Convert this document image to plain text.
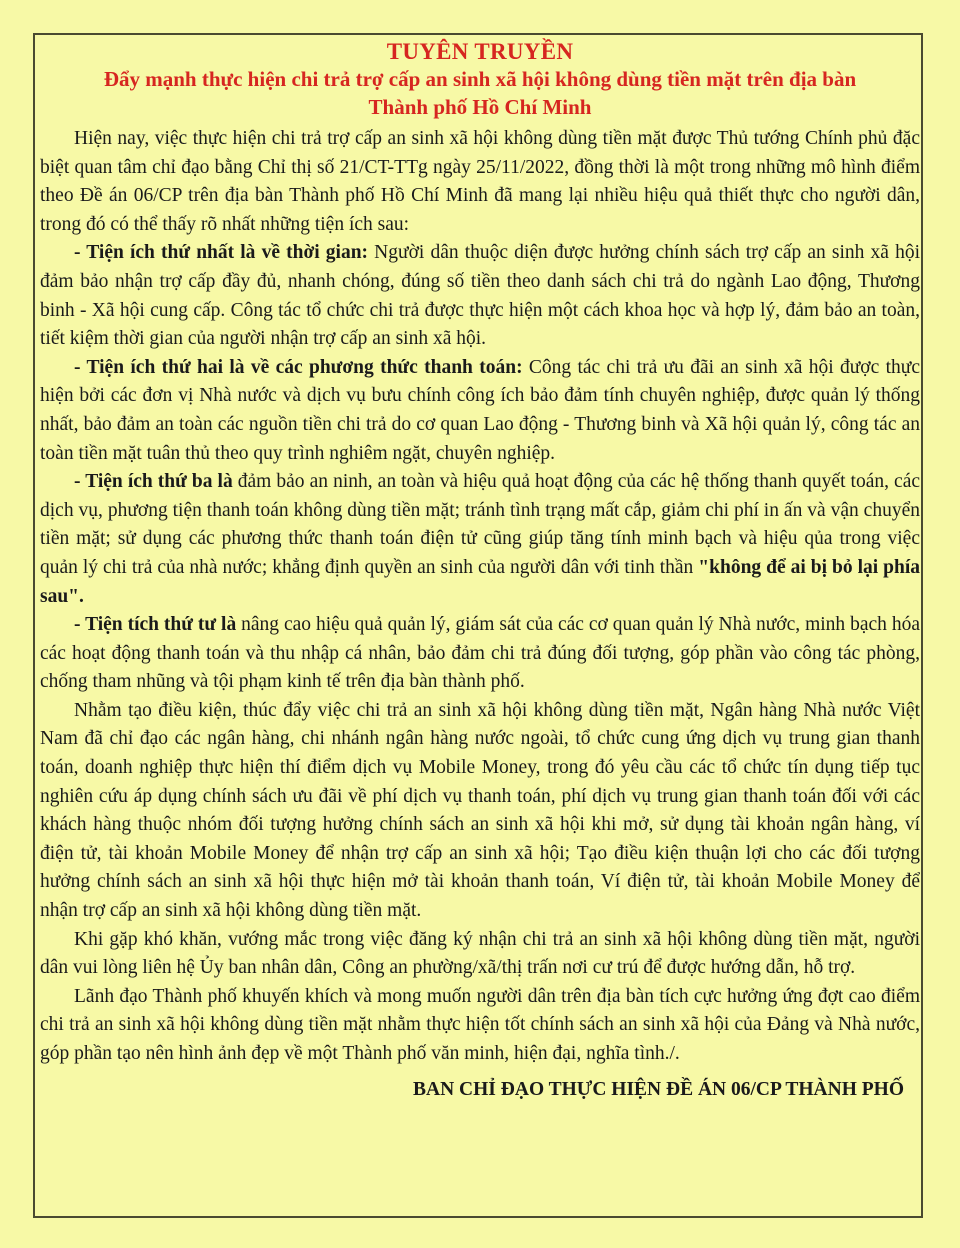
TUYÊN TRUYỀN

Đẩy mạnh thực hiện chi trả trợ cấp an sinh xã hội không dùng tiền mặt trên địa bàn
Thành phố Hồ Chí Minh

Hiện nay, việc thực hiện chi trả trợ cấp an sinh xã hội không dùng tiền mặt được Thủ tướng Chính phủ đặc biệt quan tâm chỉ đạo bằng Chỉ thị số 21/CT-TTg ngày 25/11/2022, đồng thời là một trong những mô hình điểm theo Đề án 06/CP trên địa bàn Thành phố Hồ Chí Minh đã mang lại nhiều hiệu quả thiết thực cho người dân, trong đó có thể thấy rõ nhất những tiện ích sau:

- Tiện ích thứ nhất là về thời gian: Người dân thuộc diện được hưởng chính sách trợ cấp an sinh xã hội đảm bảo nhận trợ cấp đầy đủ, nhanh chóng, đúng số tiền theo danh sách chi trả do ngành Lao động, Thương binh - Xã hội cung cấp. Công tác tổ chức chi trả được thực hiện một cách khoa học và hợp lý, đảm bảo an toàn, tiết kiệm thời gian của người nhận trợ cấp an sinh xã hội.

- Tiện ích thứ hai là về các phương thức thanh toán: Công tác chi trả ưu đãi an sinh xã hội được thực hiện bởi các đơn vị Nhà nước và dịch vụ bưu chính công ích bảo đảm tính chuyên nghiệp, được quản lý thống nhất, bảo đảm an toàn các nguồn tiền chi trả do cơ quan Lao động - Thương binh và Xã hội quản lý, công tác an toàn tiền mặt tuân thủ theo quy trình nghiêm ngặt, chuyên nghiệp.

- Tiện ích thứ ba là đảm bảo an ninh, an toàn và hiệu quả hoạt động của các hệ thống thanh quyết toán, các dịch vụ, phương tiện thanh toán không dùng tiền mặt; tránh tình trạng mất cắp, giảm chi phí in ấn và vận chuyển tiền mặt; sử dụng các phương thức thanh toán điện tử cũng giúp tăng tính minh bạch và hiệu qủa trong việc quản lý chi trả của nhà nước; khẳng định quyền an sinh của người dân với tinh thần "không để ai bị bỏ lại phía sau".

- Tiện tích thứ tư là nâng cao hiệu quả quản lý, giám sát của các cơ quan quản lý Nhà nước, minh bạch hóa các hoạt động thanh toán và thu nhập cá nhân, bảo đảm chi trả đúng đối tượng, góp phần vào công tác phòng, chống tham nhũng và tội phạm kinh tế trên địa bàn thành phố.

Nhằm tạo điều kiện, thúc đẩy việc chi trả an sinh xã hội không dùng tiền mặt, Ngân hàng Nhà nước Việt Nam đã chỉ đạo các ngân hàng, chi nhánh ngân hàng nước ngoài, tổ chức cung ứng dịch vụ trung gian thanh toán, doanh nghiệp thực hiện thí điểm dịch vụ Mobile Money, trong đó yêu cầu các tổ chức tín dụng tiếp tục nghiên cứu áp dụng chính sách ưu đãi về phí dịch vụ thanh toán, phí dịch vụ trung gian thanh toán đối với các khách hàng thuộc nhóm đối tượng hưởng chính sách an sinh xã hội khi mở, sử dụng tài khoản ngân hàng, ví điện tử, tài khoản Mobile Money để nhận trợ cấp an sinh xã hội; Tạo điều kiện thuận lợi cho các đối tượng hưởng chính sách an sinh xã hội thực hiện mở tài khoản thanh toán, Ví điện tử, tài khoản Mobile Money để nhận trợ cấp an sinh xã hội không dùng tiền mặt.

Khi gặp khó khăn, vướng mắc trong việc đăng ký nhận chi trả an sinh xã hội không dùng tiền mặt, người dân vui lòng liên hệ Ủy ban nhân dân, Công an phường/xã/thị trấn nơi cư trú để được hướng dẫn, hỗ trợ.

Lãnh đạo Thành phố khuyến khích và mong muốn người dân trên địa bàn tích cực hưởng ứng đợt cao điểm chi trả an sinh xã hội không dùng tiền mặt nhằm thực hiện tốt chính sách an sinh xã hội của Đảng và Nhà nước, góp phần tạo nên hình ảnh đẹp về một Thành phố văn minh, hiện đại, nghĩa tình./.

BAN CHỈ ĐẠO THỰC HIỆN ĐỀ ÁN 06/CP THÀNH PHỐ
